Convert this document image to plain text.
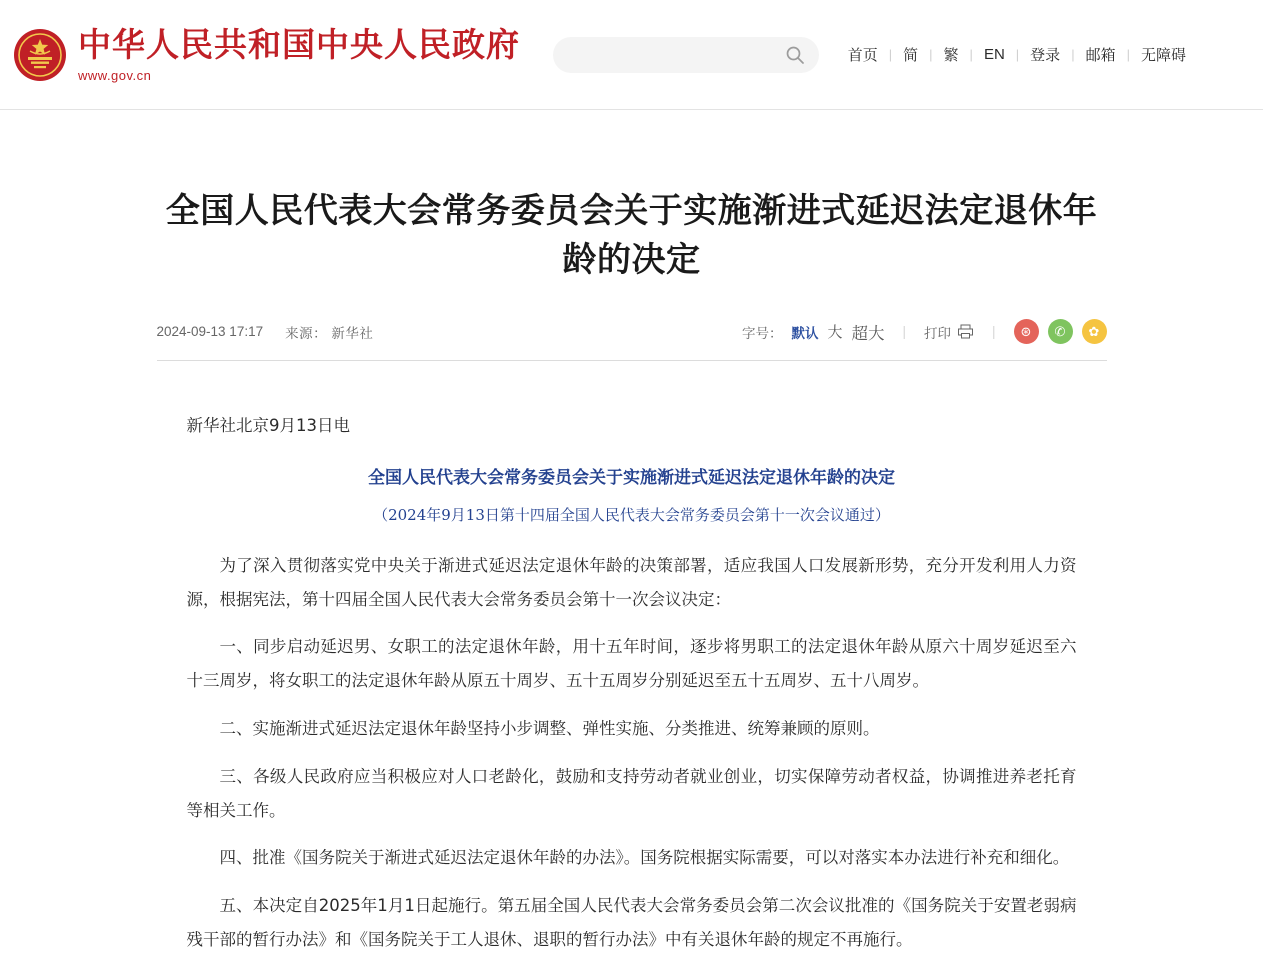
中华人民共和国中央人民政府
www.gov.cn
首页 | 简 | 繁 | EN | 登录 | 邮箱 | 无障碍
全国人民代表大会常务委员会关于实施渐进式延迟法定退休年龄的决定
2024-09-13 17:17 来源： 新华社	字号： 默认 大 超大 | 打印	|	⊛	✆	✿

新华社北京9月13日电

全国人民代表大会常务委员会关于实施渐进式延迟法定退休年龄的决定

（2024年9月13日第十四届全国人民代表大会常务委员会第十一次会议通过）

为了深入贯彻落实党中央关于渐进式延迟法定退休年龄的决策部署，适应我国人口发展新形势，充分开发利用人力资源，根据宪法，第十四届全国人民代表大会常务委员会第十一次会议决定：

一、同步启动延迟男、女职工的法定退休年龄，用十五年时间，逐步将男职工的法定退休年龄从原六十周岁延迟至六十三周岁，将女职工的法定退休年龄从原五十周岁、五十五周岁分别延迟至五十五周岁、五十八周岁。

二、实施渐进式延迟法定退休年龄坚持小步调整、弹性实施、分类推进、统筹兼顾的原则。

三、各级人民政府应当积极应对人口老龄化，鼓励和支持劳动者就业创业，切实保障劳动者权益，协调推进养老托育等相关工作。

四、批准《国务院关于渐进式延迟法定退休年龄的办法》。国务院根据实际需要，可以对落实本办法进行补充和细化。

五、本决定自2025年1月1日起施行。第五届全国人民代表大会常务委员会第二次会议批准的《国务院关于安置老弱病残干部的暂行办法》和《国务院关于工人退休、退职的暂行办法》中有关退休年龄的规定不再施行。
